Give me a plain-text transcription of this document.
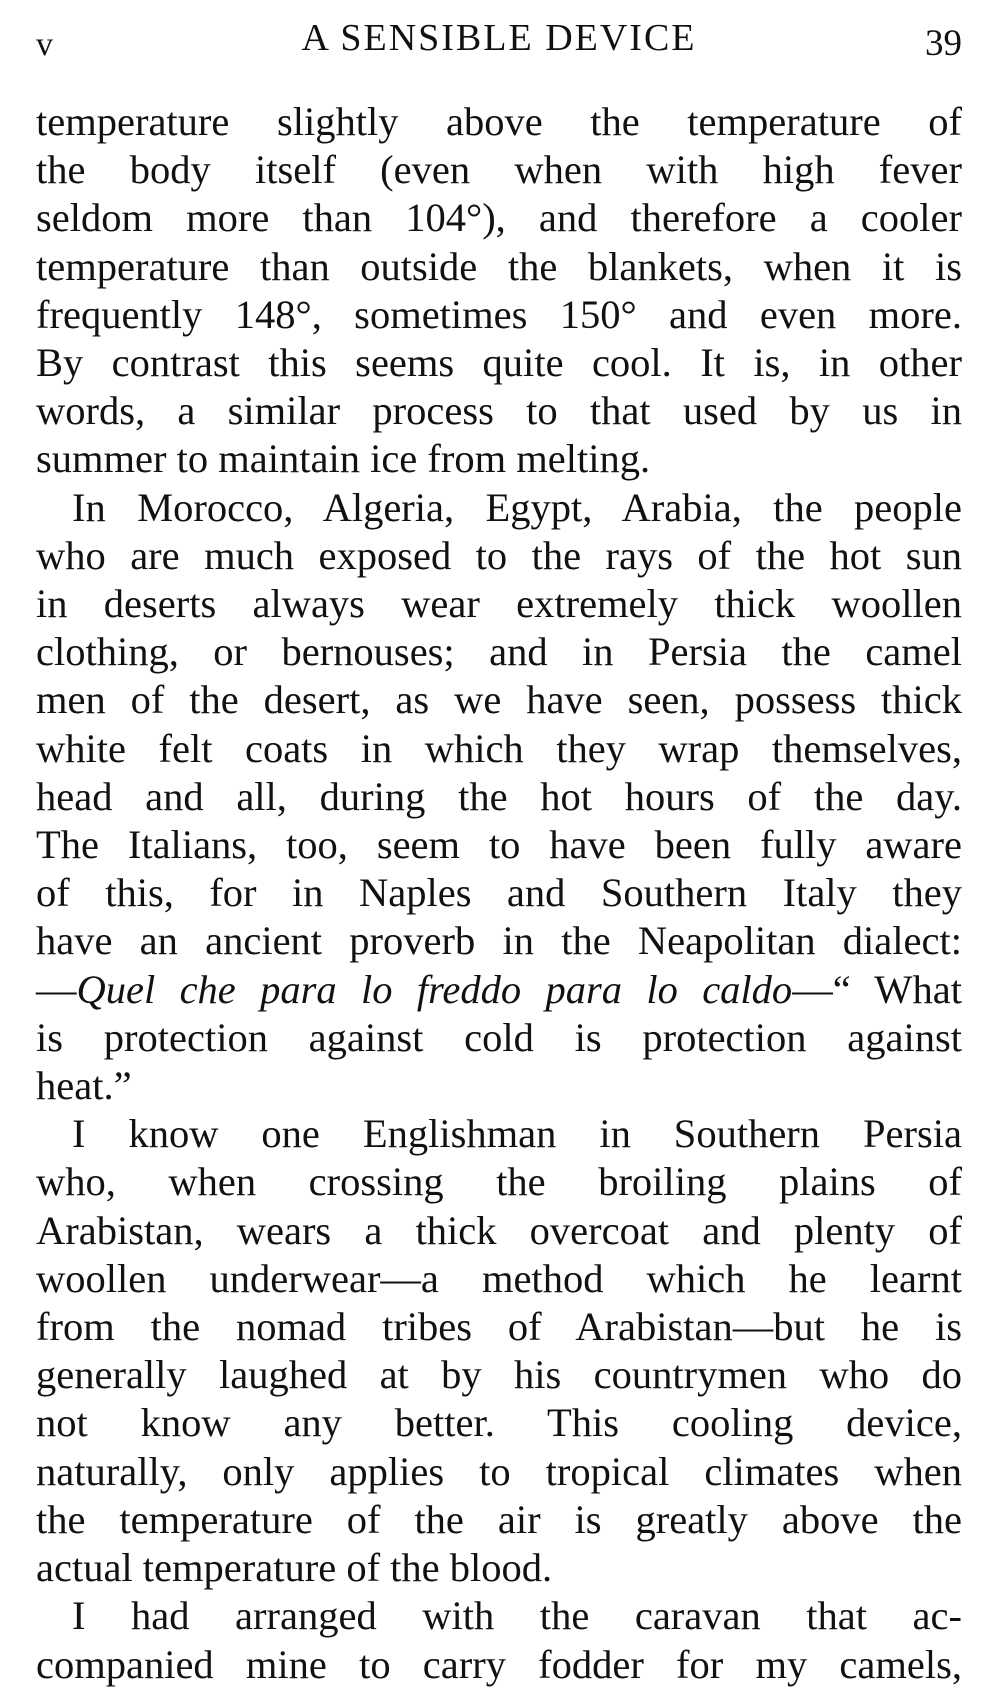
v	A SENSIBLE DEVICE	39

temperature slightly above the temperature of
the body itself (even when with high fever
seldom more than 104°), and therefore a cooler
temperature than outside the blankets, when it is
frequently 148°, sometimes 150° and even more.
By contrast this seems quite cool. It is, in other
words, a similar process to that used by us in
summer to maintain ice from melting.

In Morocco, Algeria, Egypt, Arabia, the people
who are much exposed to the rays of the hot sun
in deserts always wear extremely thick woollen
clothing, or bernouses; and in Persia the camel
men of the desert, as we have seen, possess thick
white felt coats in which they wrap themselves,
head and all, during the hot hours of the day.
The Italians, too, seem to have been fully aware
of this, for in Naples and Southern Italy they
have an ancient proverb in the Neapolitan dialect:
—Quel che para lo freddo para lo caldo—“ What
is protection against cold is protection against
heat.”

I know one Englishman in Southern Persia
who, when crossing the broiling plains of
Arabistan, wears a thick overcoat and plenty of
woollen underwear—a method which he learnt
from the nomad tribes of Arabistan—but he is
generally laughed at by his countrymen who do
not know any better. This cooling device,
naturally, only applies to tropical climates when
the temperature of the air is greatly above the
actual temperature of the blood.

I had arranged with the caravan that ac-
companied mine to carry fodder for my camels,
